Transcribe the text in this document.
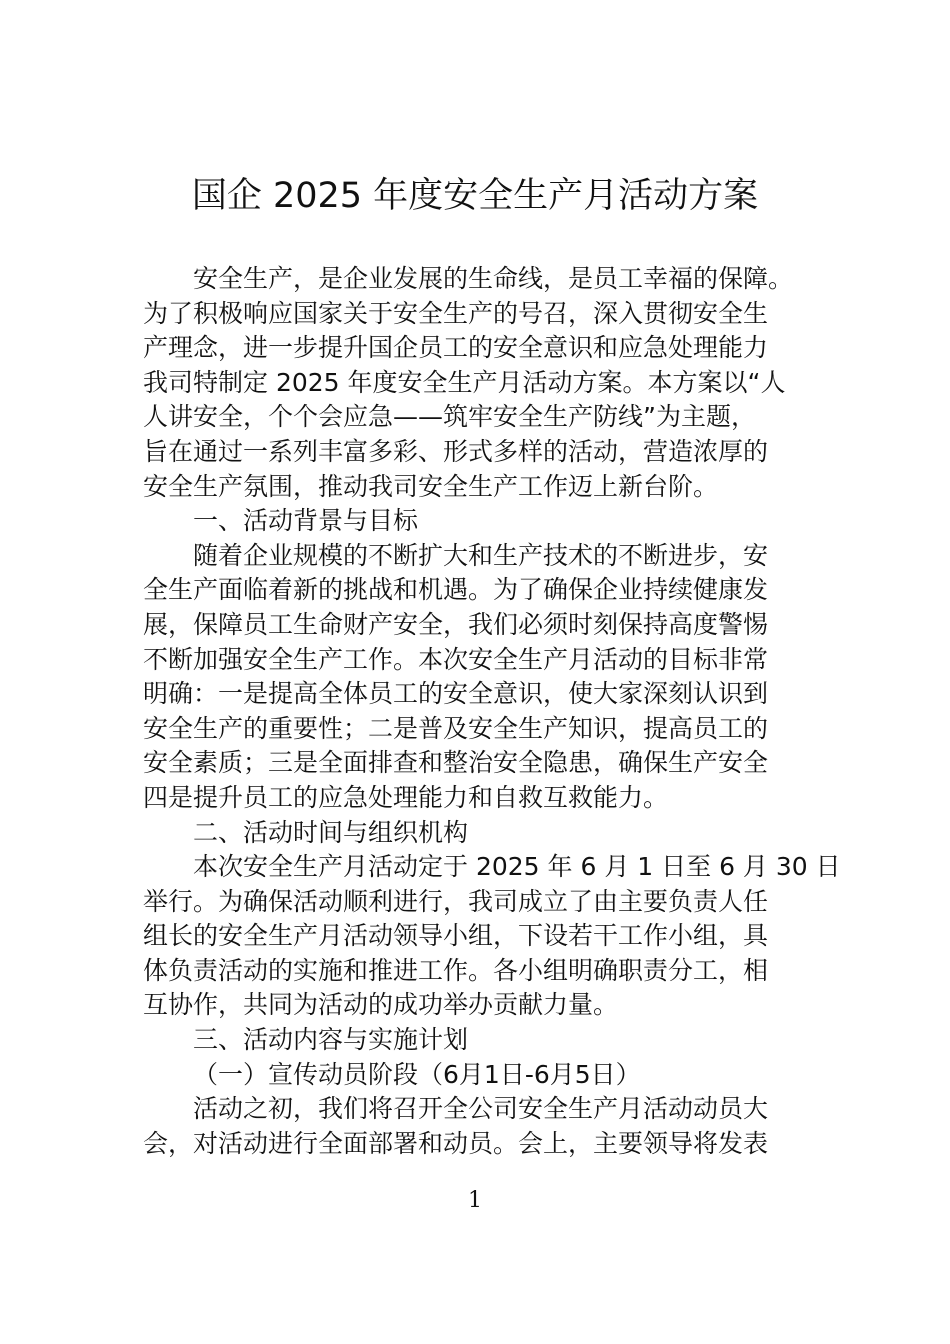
国企 2025 年度安全生产月活动方案
安全生产，是企业发展的生命线，是员工幸福的保障。
为了积极响应国家关于安全生产的号召，深入贯彻安全生
产理念，进一步提升国企员工的安全意识和应急处理能力
我司特制定 2025 年度安全生产月活动方案。本方案以“人
人讲安全，个个会应急——筑牢安全生产防线”为主题，
旨在通过一系列丰富多彩、形式多样的活动，营造浓厚的
安全生产氛围，推动我司安全生产工作迈上新台阶。
一、活动背景与目标
随着企业规模的不断扩大和生产技术的不断进步，安
全生产面临着新的挑战和机遇。为了确保企业持续健康发
展，保障员工生命财产安全，我们必须时刻保持高度警惕
不断加强安全生产工作。本次安全生产月活动的目标非常
明确：一是提高全体员工的安全意识，使大家深刻认识到
安全生产的重要性；二是普及安全生产知识，提高员工的
安全素质；三是全面排查和整治安全隐患，确保生产安全
四是提升员工的应急处理能力和自救互救能力。
二、活动时间与组织机构
本次安全生产月活动定于 2025 年 6 月 1 日至 6 月 30 日
举行。为确保活动顺利进行，我司成立了由主要负责人任
组长的安全生产月活动领导小组，下设若干工作小组，具
体负责活动的实施和推进工作。各小组明确职责分工，相
互协作，共同为活动的成功举办贡献力量。
三、活动内容与实施计划
（一）宣传动员阶段（6月1日-6月5日）
活动之初，我们将召开全公司安全生产月活动动员大
会，对活动进行全面部署和动员。会上，主要领导将发表
1
